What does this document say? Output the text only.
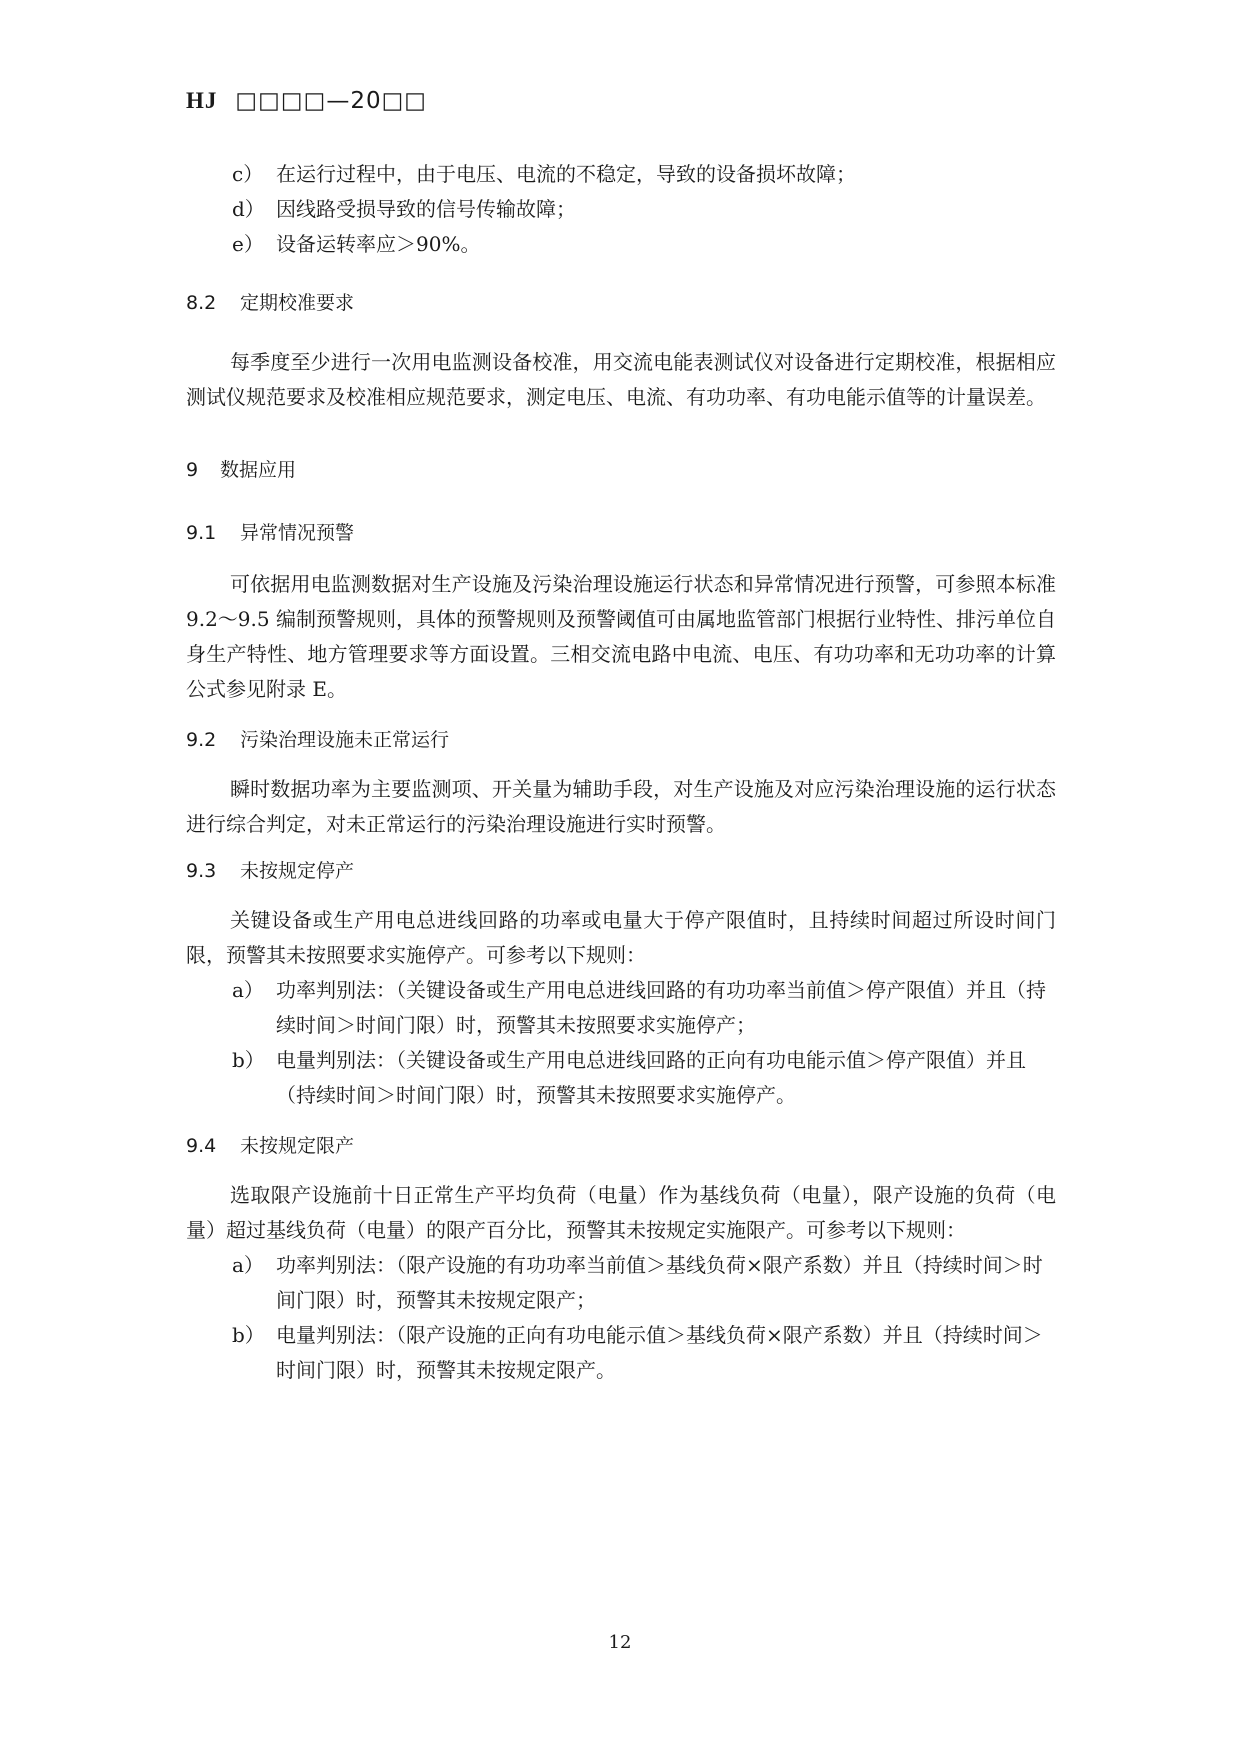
HJ □□□□—20□□

c） 在运行过程中，由于电压、电流的不稳定，导致的设备损坏故障；

d） 因线路受损导致的信号传输故障；

e） 设备运转率应＞90%。

8.2 定期校准要求

每季度至少进行一次用电监测设备校准，用交流电能表测试仪对设备进行定期校准，根据相应测试仪规范要求及校准相应规范要求，测定电压、电流、有功功率、有功电能示值等的计量误差。

9 数据应用

9.1 异常情况预警

可依据用电监测数据对生产设施及污染治理设施运行状态和异常情况进行预警，可参照本标准 9.2～9.5 编制预警规则，具体的预警规则及预警阈值可由属地监管部门根据行业特性、排污单位自身生产特性、地方管理要求等方面设置。三相交流电路中电流、电压、有功功率和无功功率的计算公式参见附录 E。

9.2 污染治理设施未正常运行

瞬时数据功率为主要监测项、开关量为辅助手段，对生产设施及对应污染治理设施的运行状态进行综合判定，对未正常运行的污染治理设施进行实时预警。

9.3 未按规定停产

关键设备或生产用电总进线回路的功率或电量大于停产限值时，且持续时间超过所设时间门限，预警其未按照要求实施停产。可参考以下规则：

a） 功率判别法：（关键设备或生产用电总进线回路的有功功率当前值＞停产限值）并且（持续时间＞时间门限）时，预警其未按照要求实施停产；

b） 电量判别法：（关键设备或生产用电总进线回路的正向有功电能示值＞停产限值）并且（持续时间＞时间门限）时，预警其未按照要求实施停产。

9.4 未按规定限产

选取限产设施前十日正常生产平均负荷（电量）作为基线负荷（电量），限产设施的负荷（电量）超过基线负荷（电量）的限产百分比，预警其未按规定实施限产。可参考以下规则：

a） 功率判别法：（限产设施的有功功率当前值＞基线负荷×限产系数）并且（持续时间＞时间门限）时，预警其未按规定限产；

b） 电量判别法：（限产设施的正向有功电能示值＞基线负荷×限产系数）并且（持续时间＞时间门限）时，预警其未按规定限产。

12
